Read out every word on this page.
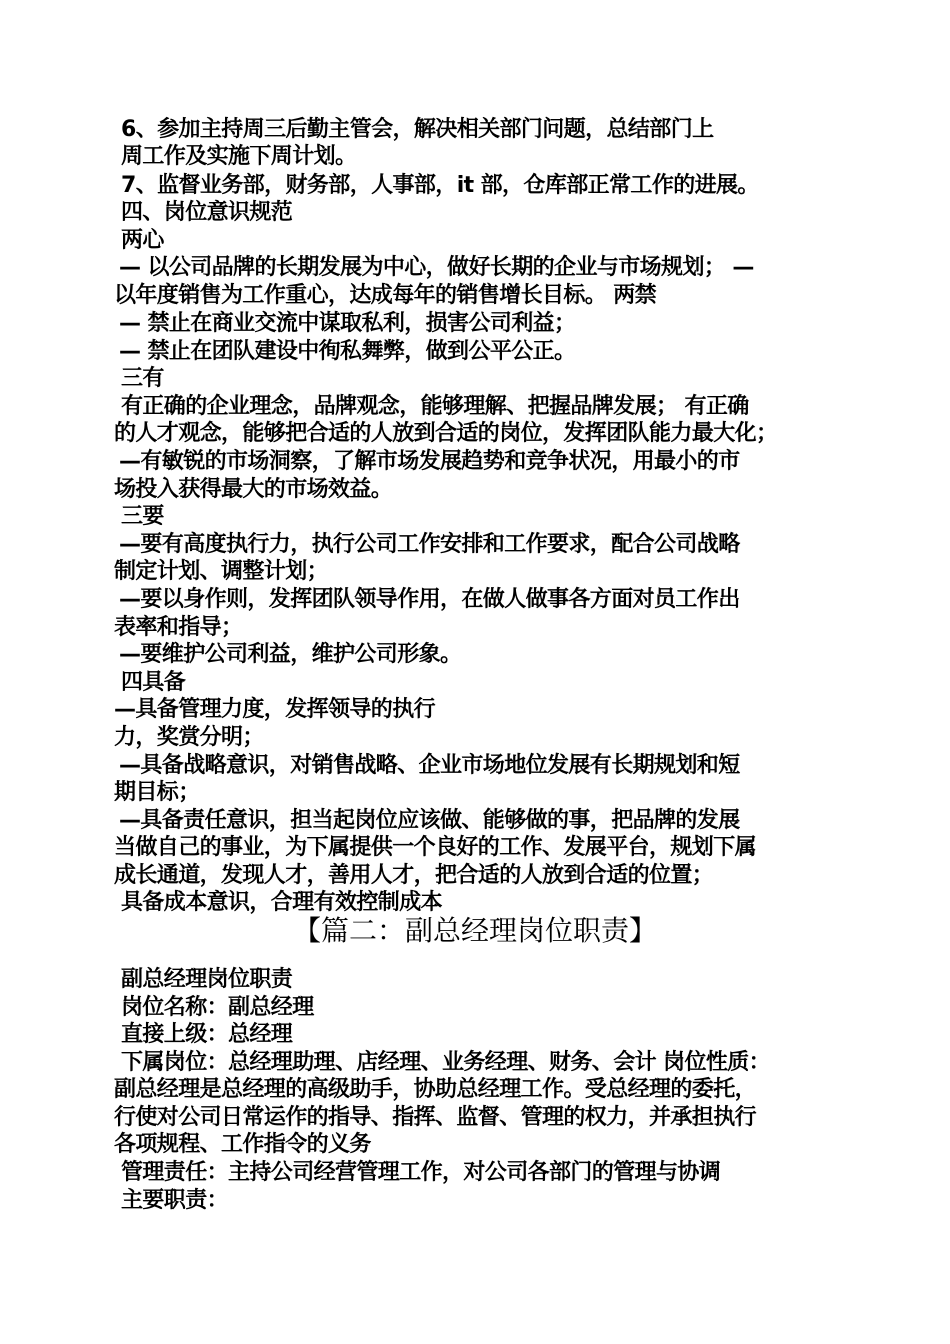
6、参加主持周三后勤主管会，解决相关部门问题，总结部门上
周工作及实施下周计划。
7、监督业务部，财务部，人事部，it 部，仓库部正常工作的进展。
四、岗位意识规范
两心
— 以公司品牌的长期发展为中心，做好长期的企业与市场规划； —
以年度销售为工作重心，达成每年的销售增长目标。 两禁
— 禁止在商业交流中谋取私利，损害公司利益；
— 禁止在团队建设中徇私舞弊，做到公平公正。
三有
有正确的企业理念，品牌观念，能够理解、把握品牌发展； 有正确
的人才观念，能够把合适的人放到合适的岗位，发挥团队能力最大化；
—有敏锐的市场洞察，了解市场发展趋势和竞争状况，用最小的市
场投入获得最大的市场效益。
三要
—要有高度执行力，执行公司工作安排和工作要求，配合公司战略
制定计划、调整计划；
—要以身作则，发挥团队领导作用，在做人做事各方面对员工作出
表率和指导；
—要维护公司利益，维护公司形象。
四具备
—具备管理力度，发挥领导的执行
力，奖赏分明；
—具备战略意识，对销售战略、企业市场地位发展有长期规划和短
期目标；
—具备责任意识，担当起岗位应该做、能够做的事，把品牌的发展
当做自己的事业，为下属提供一个良好的工作、发展平台，规划下属
成长通道，发现人才，善用人才，把合适的人放到合适的位置；
具备成本意识，合理有效控制成本
【篇二：副总经理岗位职责】
副总经理岗位职责
岗位名称：副总经理
直接上级：总经理
下属岗位：总经理助理、店经理、业务经理、财务、会计 岗位性质：
副总经理是总经理的高级助手，协助总经理工作。受总经理的委托，
行使对公司日常运作的指导、指挥、监督、管理的权力，并承担执行
各项规程、工作指令的义务
管理责任：主持公司经营管理工作，对公司各部门的管理与协调
主要职责：
